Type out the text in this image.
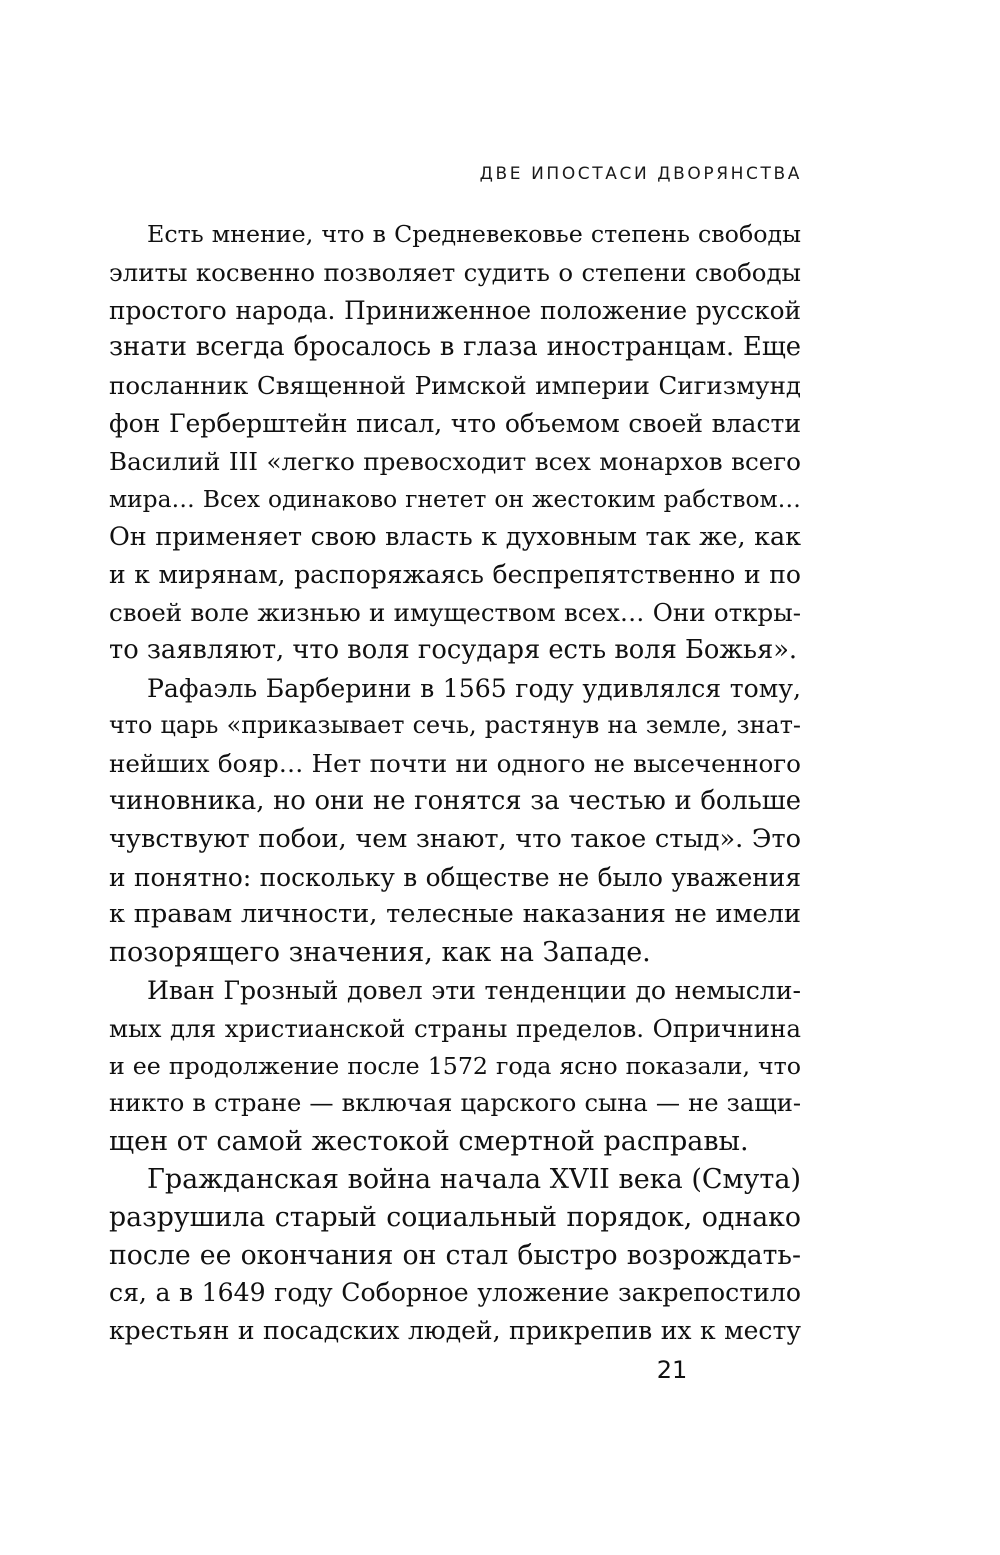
ДВЕ ИПОСТАСИ ДВОРЯНСТВА
Есть мнение, что в Средневековье степень свободы
элиты косвенно позволяет судить о степени свободы
простого народа. Приниженное положение русской
знати всегда бросалось в глаза иностранцам. Еще
посланник Священной Римской империи Сигизмунд
фон Герберштейн писал, что объемом своей власти
Василий III «легко превосходит всех монархов всего
мира… Всех одинаково гнетет он жестоким рабством…
Он применяет свою власть к духовным так же, как
и к мирянам, распоряжаясь беспрепятственно и по
своей воле жизнью и имуществом всех… Они откры-
то заявляют, что воля государя есть воля Божья».
Рафаэль Барберини в 1565 году удивлялся тому,
что царь «приказывает сечь, растянув на земле, знат-
нейших бояр… Нет почти ни одного не высеченного
чиновника, но они не гонятся за честью и больше
чувствуют побои, чем знают, что такое стыд». Это
и понятно: поскольку в обществе не было уважения
к правам личности, телесные наказания не имели
позорящего значения, как на Западе.
Иван Грозный довел эти тенденции до немысли-
мых для христианской страны пределов. Опричнина
и ее продолжение после 1572 года ясно показали, что
никто в стране — включая царского сына — не защи-
щен от самой жестокой смертной расправы.
Гражданская война начала XVII века (Смута)
разрушила старый социальный порядок, однако
после ее окончания он стал быстро возрождать-
ся, а в 1649 году Соборное уложение закрепостило
крестьян и посадских людей, прикрепив их к месту
21
